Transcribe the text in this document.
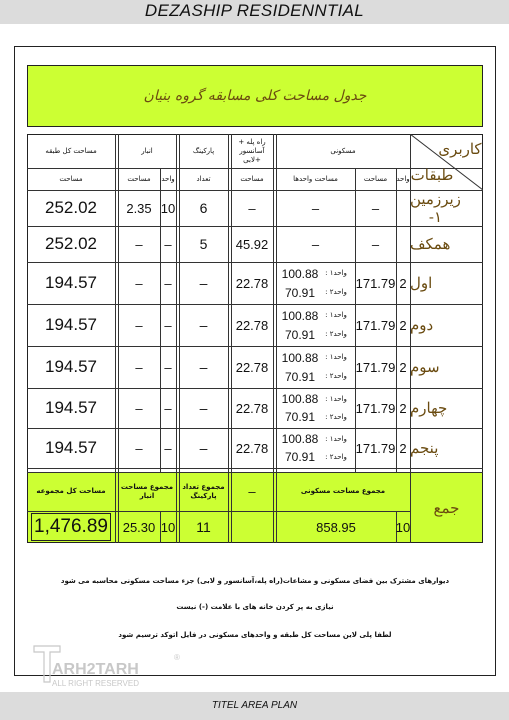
DEZASHIP RESIDENNTIAL
جدول مساحت کلی مسابقه گروه بنیان
کاربری
طبقات
مسکونی
راه پله + آسانسور +لابی
پارکینگ
انبار
مساحت کل طبقه
واحد
مساحت
مساحت واحدها
مساحت
تعداد
واحد
مساحت
مساحت
زیرزمین ۱-
–
–
–
6
10
2.35
252.02
همکف
–
–
45.92
5
–
–
252.02
اول
2
171.79
100.88
70.91
واحد۱ :
واحد۲ :
22.78
–
–
–
194.57
دوم
2
171.79
100.88
70.91
واحد۱ :
واحد۲ :
22.78
–
–
–
194.57
سوم
2
171.79
100.88
70.91
واحد۱ :
واحد۲ :
22.78
–
–
–
194.57
چهارم
2
171.79
100.88
70.91
واحد۱ :
واحد۲ :
22.78
–
–
–
194.57
پنجم
2
171.79
100.88
70.91
واحد۱ :
واحد۲ :
22.78
–
–
–
194.57
جمع
مجموع مساحت مسکونی
10
858.95
–
مجموع تعداد پارکینگ
11
مجموع مساحت انبار
10
25.30
مساحت کل مجموعه
1,476.89
دیوارهای مشترک بین فضای مسکونی و مشاعات(راه پله،آسانسور و لابی) جزء مساحت مسکونی محاسبه می شود
نیازی به پر کردن خانه های با علامت (-) نیست
لطفا پلی لاین مساحت کل طبقه و واحدهای مسکونی در فایل اتوکد ترسیم شود
ARH2TARH
®
ALL RIGHT RESERVED
TITEL AREA PLAN
